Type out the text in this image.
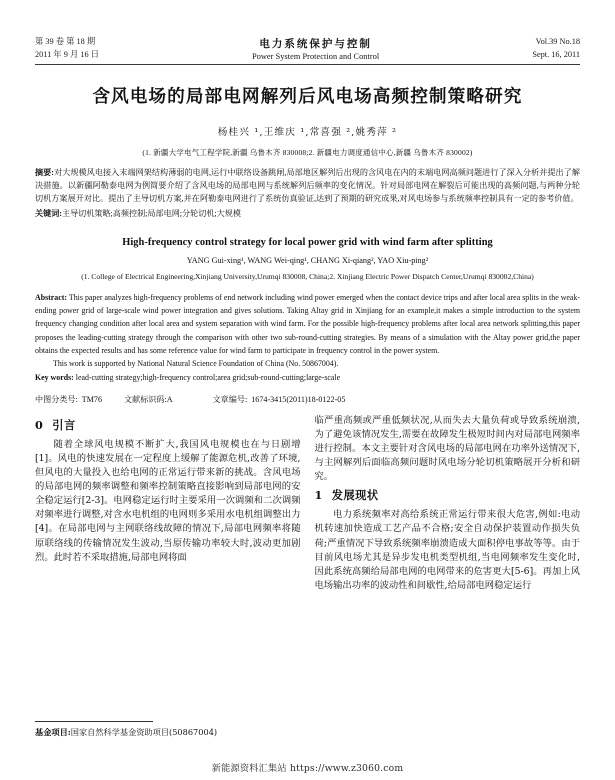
第 39 卷 第 18 期
2011 年 9 月 16 日
电力系统保护与控制
Power System Protection and Control
Vol.39 No.18
Sept. 16, 2011
含风电场的局部电网解列后风电场高频控制策略研究
杨桂兴 ¹,王维庆 ¹,常喜强 ²,姚秀萍 ²
(1. 新疆大学电气工程学院,新疆 乌鲁木齐 830008;2. 新疆电力调度通信中心,新疆 乌鲁木齐 830002)
摘要:对大规模风电接入末端网架结构薄弱的电网,运行中联络设备跳闸,局部地区解列后出现的含风电在内的末端电网高频问题进行了深入分析并提出了解决措施。以新疆阿勒泰电网为例简要介绍了含风电场的局部电网与系统解列后频率的变化情况。针对局部电网在解裂后可能出现的高频问题,与两种分轮切机方案展开对比。提出了主导切机方案,并在阿勒泰电网进行了系统仿真验证,达到了预期的研究成果,对风电场参与系统频率控制具有一定的参考价值。
关键词:主导切机策略;高频控制;局部电网;分轮切机;大规模
High-frequency control strategy for local power grid with wind farm after splitting
YANG Gui-xing¹, WANG Wei-qing¹, CHANG Xi-qiang², YAO Xiu-ping²
(1. College of Electrical Engineering,Xinjiang University,Urumqi 830008, China;2. Xinjiang Electric Power Dispatch Center,Urumqi 830002,China)
Abstract: This paper analyzes high-frequency problems of end network including wind power emerged when the contact device trips and after local area splits in the weak-ending power grid of large-scale wind power integration and gives solutions. Taking Altay grid in Xinjiang for an example,it makes a simple introduction to the system frequency changing condition after local area and system separation with wind farm. For the possible high-frequency problems after local area network splitting,this paper proposes the leading-cutting strategy through the comparison with other two sub-round-cutting strategies. By means of a simulation with the Altay power grid,the paper obtains the expected results and has some reference value for wind farm to participate in frequency control in the power system.
This work is supported by National Natural Science Foundation of China (No. 50867004).
Key words: lead-cutting strategy;high-frequency control;area grid;sub-round-cutting;large-scale
中图分类号: TM76	文献标识码:A	文章编号: 1674-3415(2011)18-0122-05
0 引言
随着全球风电规模不断扩大,我国风电规模也在与日剧增[1]。风电的快速发展在一定程度上缓解了能源危机,改善了环境,但风电的大量投入也给电网的正常运行带来新的挑战。含风电场的局部电网的频率调整和频率控制策略直接影响到局部电网的安全稳定运行[2-3]。电网稳定运行时主要采用一次调频和二次调频对频率进行调整,对含水电机组的电网则多采用水电机组调整出力[4]。在局部电网与主网联络线故障的情况下,局部电网频率将随原联络线的传输情况发生波动,当原传输功率较大时,波动更加剧烈。此时若不采取措施,局部电网将面
临严重高频或严重低频状况,从而失去大量负荷或导致系统崩溃,为了避免该情况发生,需要在故障发生极短时间内对局部电网频率进行控制。本文主要针对含风电场的局部电网在功率外送情况下,与主网解列后面临高频问题时风电场分轮切机策略展开分析和研究。
1 发展现状
电力系统频率对高给系统正常运行带来很大危害,例如:电动机转速加快造成工艺产品不合格;安全自动保护装置动作损失负荷;严重情况下导致系统频率崩溃造成大面积停电事故等等。由于目前风电场尤其是异步发电机类型机组,当电网频率发生变化时,因此系统高频给局部电网的电网带来的危害更大[5-6]。再加上风电场输出功率的波动性和间歇性,给局部电网稳定运行
基金项目:国家自然科学基金资助项目(50867004)
新能源资料汇集站 https://www.z3060.com
